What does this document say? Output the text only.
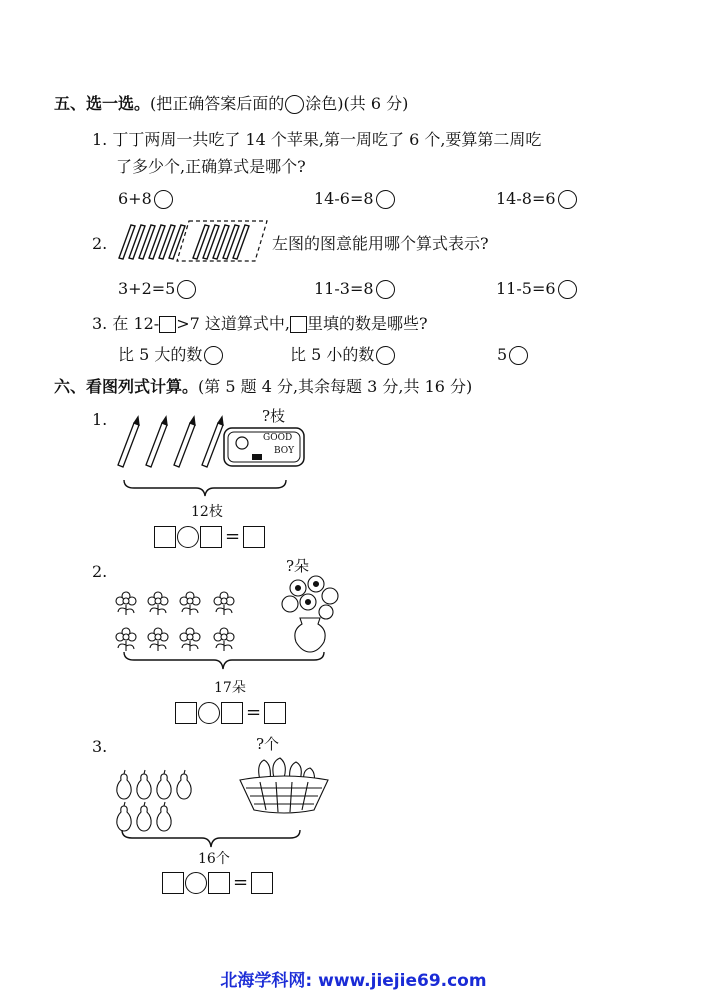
五、选一选。(把正确答案后面的 涂色)(共 6 分)
1. 丁丁两周一共吃了 14 个苹果,第一周吃了 6 个,要算第二周吃
了多少个,正确算式是哪个?
6+8	14-6=8	14-8=6
2.	左图的图意能用哪个算式表示?
3+2=5	11-3=8	11-5=6
3. 在 12- >7 这道算式中, 里填的数是哪些?
比 5 大的数	比 5 小的数	5
六、看图列式计算。(第 5 题 4 分,其余每题 3 分,共 16 分)
1.	?枝
GOOD
BOY
12枝
=
2.	?朵
17朵
=
3.	?个
16个
=
北海学科网: www.jiejie69.com
